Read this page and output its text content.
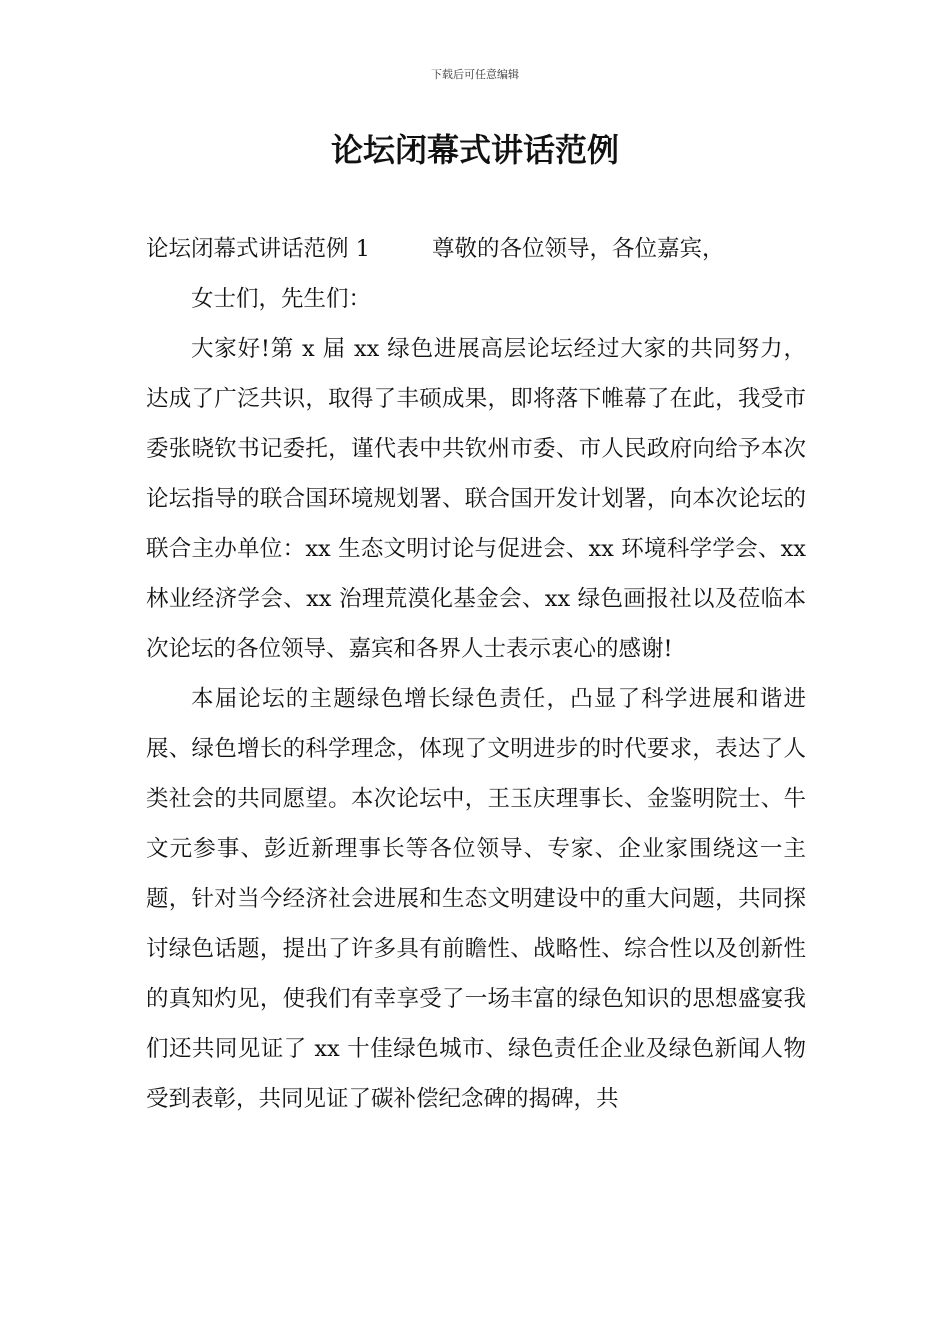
下载后可任意编辑
论坛闭幕式讲话范例

论坛闭幕式讲话范例 1	尊敬的各位领导，各位嘉宾，

女士们，先生们：

大家好!第 x 届 xx 绿色进展高层论坛经过大家的共同努力，达成了广泛共识，取得了丰硕成果，即将落下帷幕了在此，我受市委张晓钦书记委托，谨代表中共钦州市委、市人民政府向给予本次论坛指导的联合国环境规划署、联合国开发计划署，向本次论坛的联合主办单位：xx 生态文明讨论与促进会、xx 环境科学学会、xx 林业经济学会、xx 治理荒漠化基金会、xx 绿色画报社以及莅临本次论坛的各位领导、嘉宾和各界人士表示衷心的感谢!

本届论坛的主题绿色增长绿色责任，凸显了科学进展和谐进展、绿色增长的科学理念，体现了文明进步的时代要求，表达了人类社会的共同愿望。本次论坛中，王玉庆理事长、金鉴明院士、牛文元参事、彭近新理事长等各位领导、专家、企业家围绕这一主题，针对当今经济社会进展和生态文明建设中的重大问题，共同探讨绿色话题，提出了许多具有前瞻性、战略性、综合性以及创新性的真知灼见，使我们有幸享受了一场丰富的绿色知识的思想盛宴我们还共同见证了 xx 十佳绿色城市、绿色责任企业及绿色新闻人物受到表彰，共同见证了碳补偿纪念碑的揭碑，共
